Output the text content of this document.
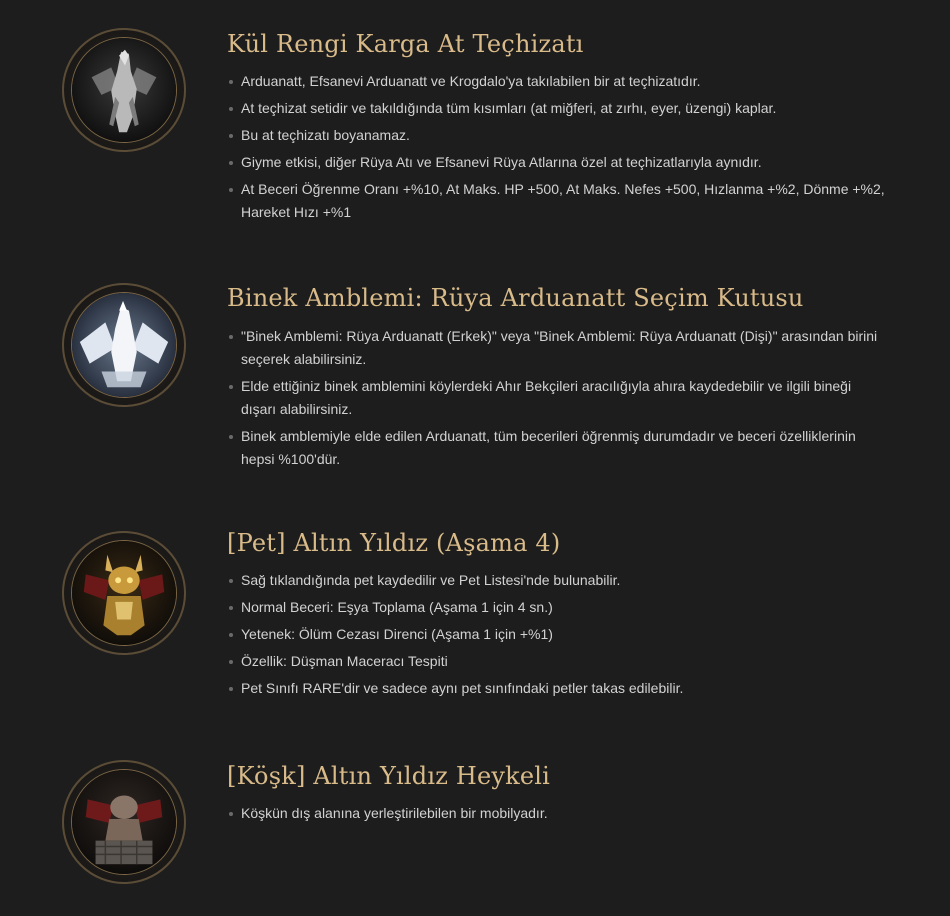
Kül Rengi Karga At Teçhizatı
Arduanatt, Efsanevi Arduanatt ve Krogdalo'ya takılabilen bir at teçhizatıdır.
At teçhizat setidir ve takıldığında tüm kısımları (at miğferi, at zırhı, eyer, üzengi) kaplar.
Bu at teçhizatı boyanamaz.
Giyme etkisi, diğer Rüya Atı ve Efsanevi Rüya Atlarına özel at teçhizatlarıyla aynıdır.
At Beceri Öğrenme Oranı +%10, At Maks. HP +500, At Maks. Nefes +500, Hızlanma +%2, Dönme +%2, Hareket Hızı +%1
Binek Amblemi: Rüya Arduanatt Seçim Kutusu
"Binek Amblemi: Rüya Arduanatt (Erkek)" veya "Binek Amblemi: Rüya Arduanatt (Dişi)" arasından birini seçerek alabilirsiniz.
Elde ettiğiniz binek amblemini köylerdeki Ahır Bekçileri aracılığıyla ahıra kaydedebilir ve ilgili bineği dışarı alabilirsiniz.
Binek amblemiyle elde edilen Arduanatt, tüm becerileri öğrenmiş durumdadır ve beceri özelliklerinin hepsi %100'dür.
[Pet] Altın Yıldız (Aşama 4)
Sağ tıklandığında pet kaydedilir ve Pet Listesi'nde bulunabilir.
Normal Beceri: Eşya Toplama (Aşama 1 için 4 sn.)
Yetenek: Ölüm Cezası Direnci (Aşama 1 için +%1)
Özellik: Düşman Maceracı Tespiti
Pet Sınıfı RARE'dir ve sadece aynı pet sınıfındaki petler takas edilebilir.
[Köşk] Altın Yıldız Heykeli
Köşkün dış alanına yerleştirilebilen bir mobilyadır.
